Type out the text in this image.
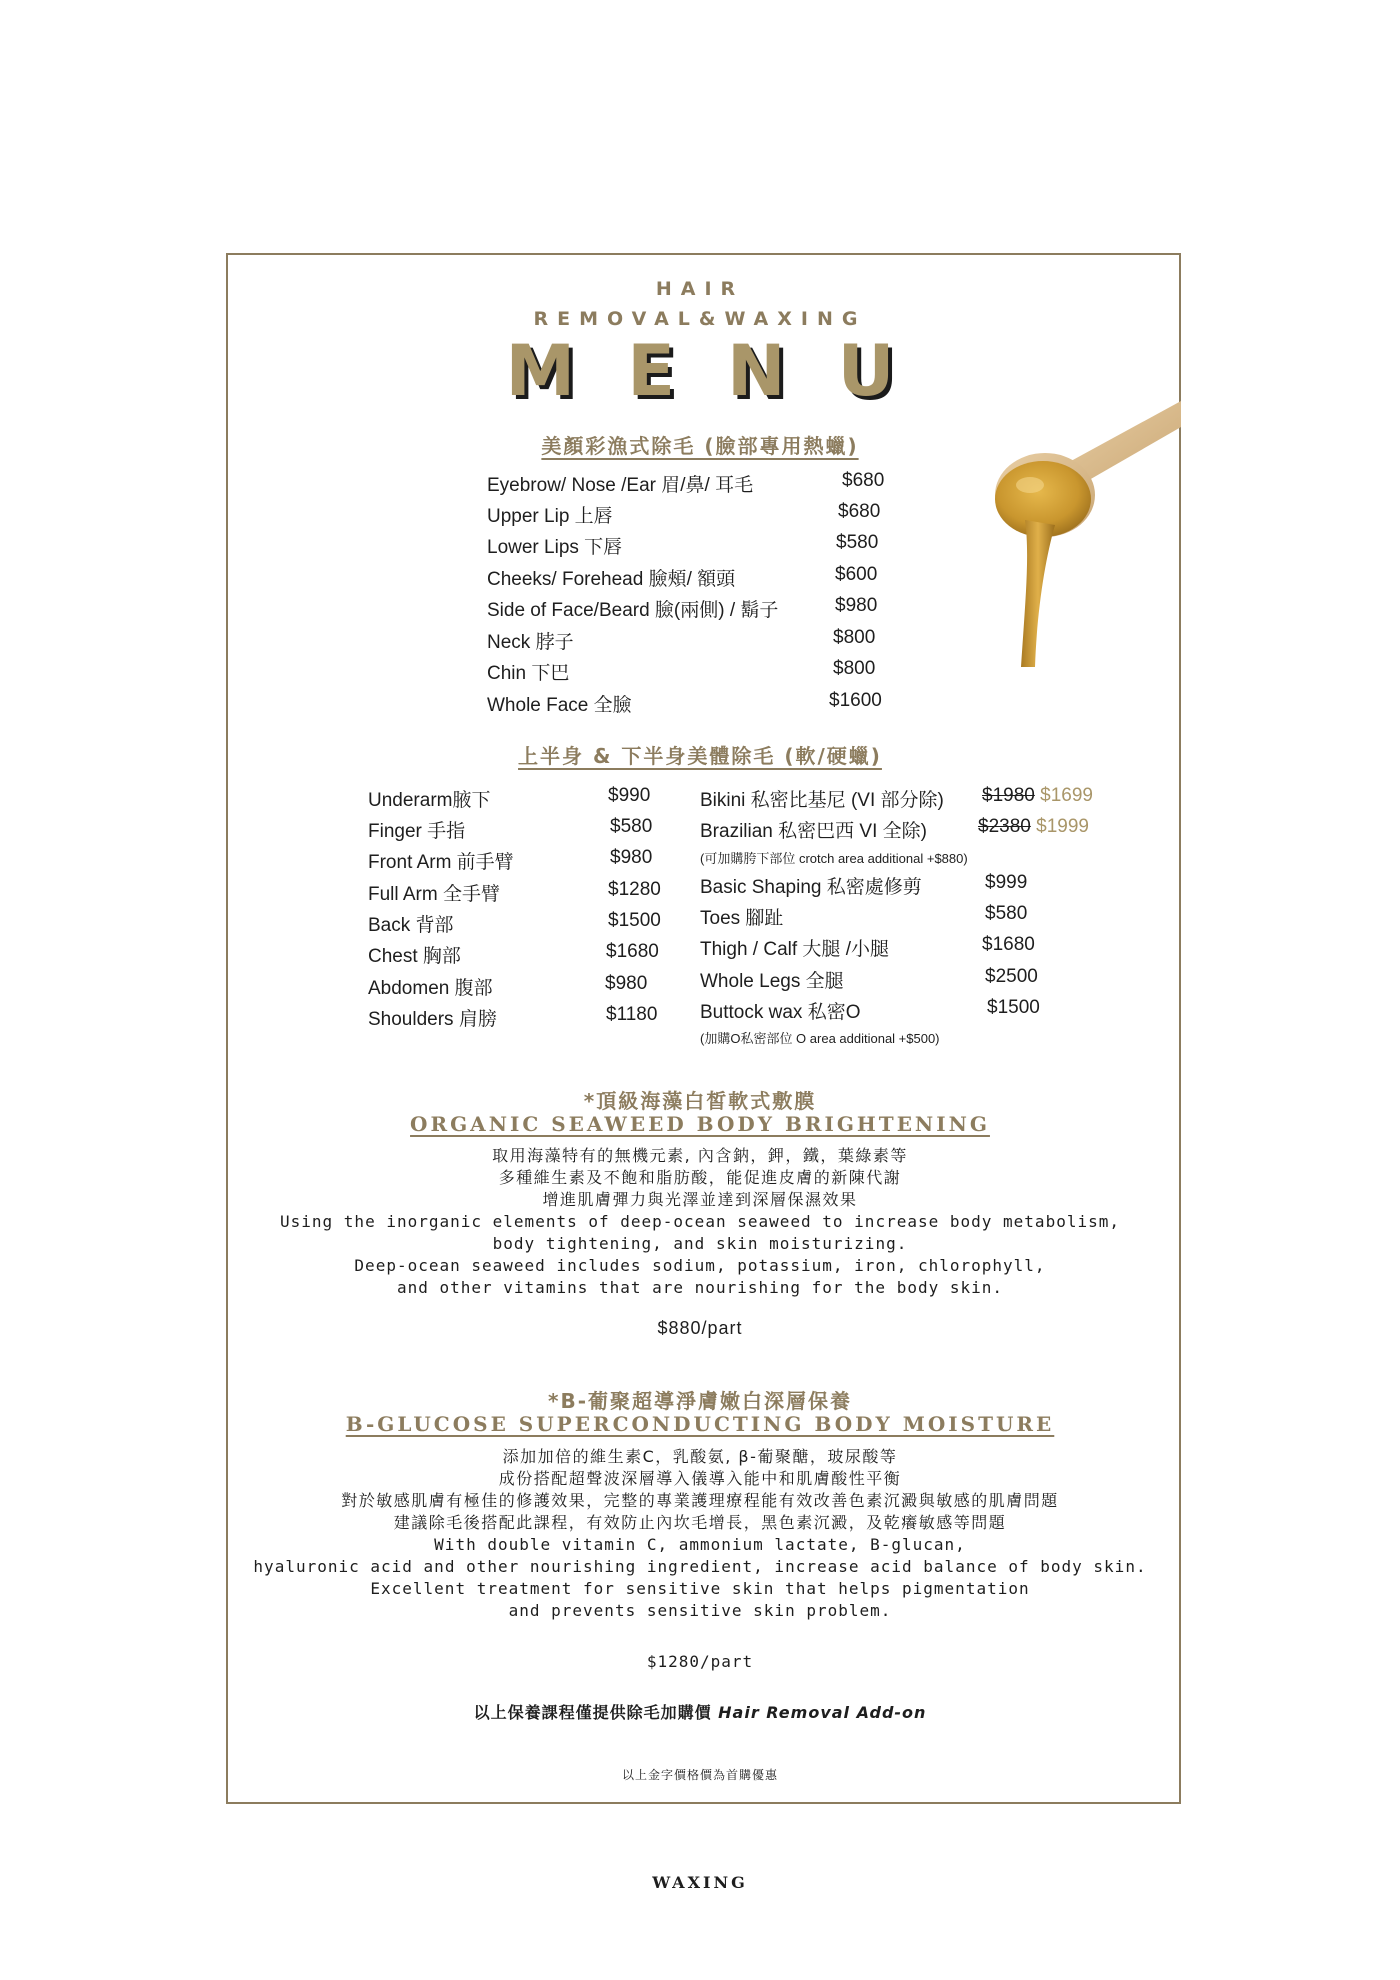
HAIR
REMOVAL&WAXING
MENU
美顏彩漁式除毛 (臉部專用熱蠟)
Eyebrow/ Nose /Ear 眉/鼻/ 耳毛	$680
Upper Lip 上唇	$680
Lower Lips 下唇	$580
Cheeks/ Forehead 臉頰/ 額頭	$600
Side of Face/Beard 臉(兩側) / 鬍子	$980
Neck 脖子	$800
Chin 下巴	$800
Whole Face 全臉	$1600
上半身 & 下半身美體除毛 (軟/硬蠟)
Underarm腋下	$990
Finger 手指	$580
Front Arm 前手臂	$980
Full Arm 全手臂	$1280
Back 背部	$1500
Chest 胸部	$1680
Abdomen 腹部	$980
Shoulders 肩膀	$1180
Bikini 私密比基尼 (VI 部分除) $1980 $1699
Brazilian 私密巴西 VI 全除)	$2380 $1999
(可加購胯下部位 crotch area additional +$880)
Basic Shaping 私密處修剪	$999
Toes 腳趾	$580
Thigh / Calf 大腿 /小腿	$1680
Whole Legs 全腿	$2500
Buttock wax 私密O	$1500
(加購O私密部位 O area additional +$500)
*頂級海藻白皙軟式敷膜
ORGANIC SEAWEED BODY BRIGHTENING
取用海藻特有的無機元素, 內含鈉，鉀，鐵，葉綠素等
多種維生素及不飽和脂肪酸，能促進皮膚的新陳代謝
增進肌膚彈力與光澤並達到深層保濕效果
Using the inorganic elements of deep-ocean seaweed to increase body metabolism,
body tightening, and skin moisturizing.
Deep-ocean seaweed includes sodium, potassium, iron, chlorophyll,
and other vitamins that are nourishing for the body skin.
$880/part
*B-葡聚超導淨膚嫩白深層保養
B-GLUCOSE SUPERCONDUCTING BODY MOISTURE
添加加倍的維生素C，乳酸氨, β-葡聚醣，玻尿酸等
成份搭配超聲波深層導入儀導入能中和肌膚酸性平衡
對於敏感肌膚有極佳的修護效果，完整的專業護理療程能有效改善色素沉澱與敏感的肌膚問題
建議除毛後搭配此課程，有效防止內坎毛增長，黑色素沉澱，及乾癢敏感等問題
With double vitamin C, ammonium lactate, B-glucan,
hyaluronic acid and other nourishing ingredient, increase acid balance of body skin.
Excellent treatment for sensitive skin that helps pigmentation
and prevents sensitive skin problem.
$1280/part
以上保養課程僅提供除毛加購價 Hair Removal Add-on
以上金字價格價為首購優惠
WAXING
